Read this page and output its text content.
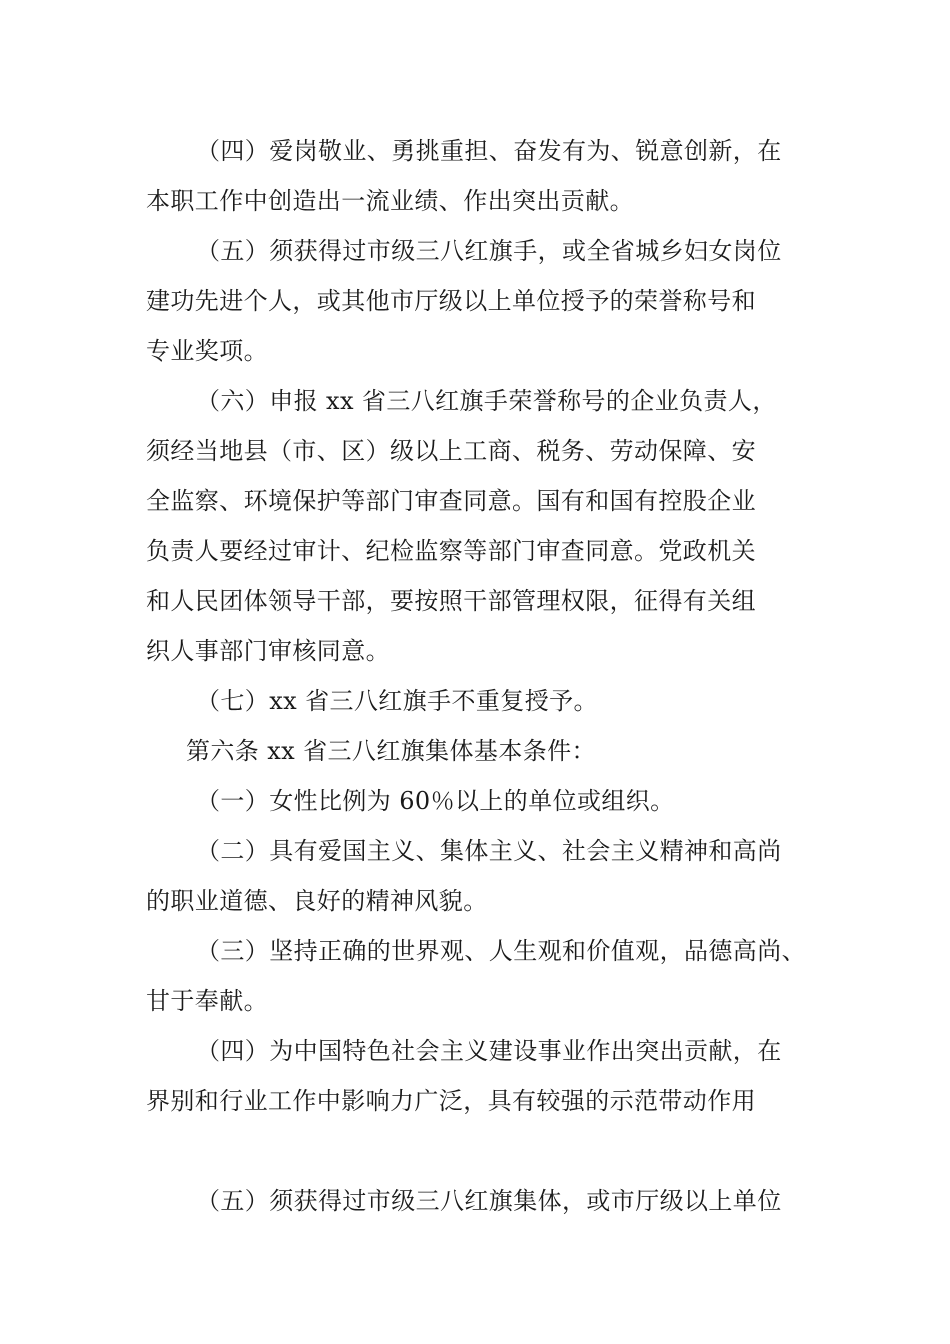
（四）爱岗敬业、勇挑重担、奋发有为、锐意创新，在
本职工作中创造出一流业绩、作出突出贡献。
（五）须获得过市级三八红旗手，或全省城乡妇女岗位
建功先进个人，或其他市厅级以上单位授予的荣誉称号和
专业奖项。
（六）申报 xx 省三八红旗手荣誉称号的企业负责人，
须经当地县（市、区）级以上工商、税务、劳动保障、安
全监察、环境保护等部门审查同意。国有和国有控股企业
负责人要经过审计、纪检监察等部门审查同意。党政机关
和人民团体领导干部，要按照干部管理权限，征得有关组
织人事部门审核同意。
（七）xx 省三八红旗手不重复授予。
第六条 xx 省三八红旗集体基本条件：
（一）女性比例为 60％以上的单位或组织。
（二）具有爱国主义、集体主义、社会主义精神和高尚
的职业道德、良好的精神风貌。
（三）坚持正确的世界观、人生观和价值观，品德高尚、
甘于奉献。
（四）为中国特色社会主义建设事业作出突出贡献，在
界别和行业工作中影响力广泛，具有较强的示范带动作用
（五）须获得过市级三八红旗集体，或市厅级以上单位
